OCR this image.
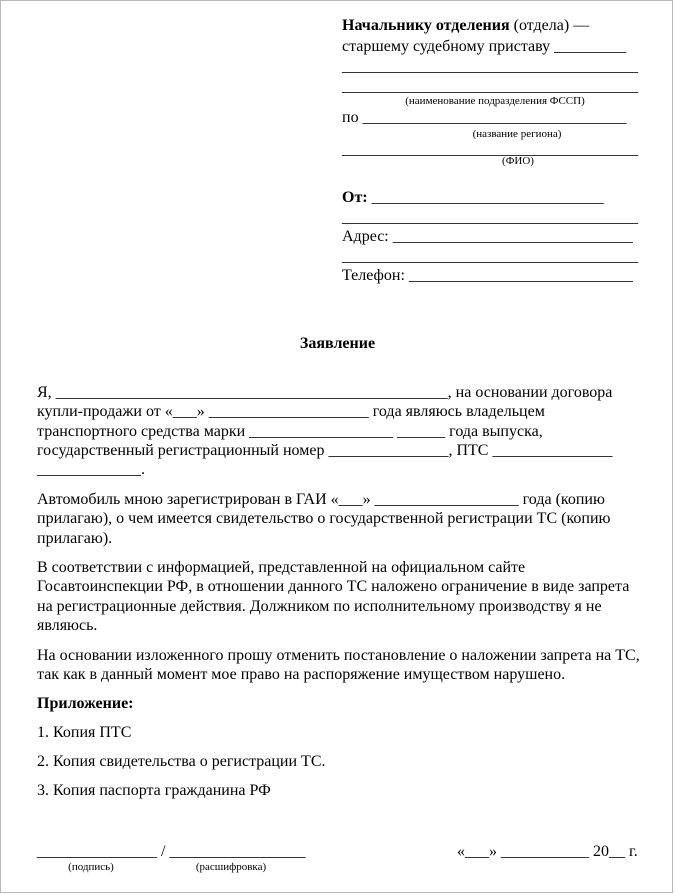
Начальнику отделения (отдела) —
старшему судебному приставу _________
_____________________________________
_____________________________________
(наименование подразделения ФССП)
по _________________________________
(название региона)
_____________________________________
(ФИО)
От: _____________________________
_____________________________________
Адрес: ______________________________
_____________________________________
Телефон: ____________________________
Заявление
Я, _________________________________________________, на основании договора купли-продажи от «___» ____________________ года являюсь владельцем транспортного средства марки __________________ ______ года выпуска, государственный регистрационный номер _______________, ПТС _______________ _____________.
Автомобиль мною зарегистрирован в ГАИ «___» __________________ года (копию прилагаю), о чем имеется свидетельство о государственной регистрации ТС (копию прилагаю).
В соответствии с информацией, представленной на официальном сайте Госавтоинспекции РФ, в отношении данного ТС наложено ограничение в виде запрета на регистрационные действия. Должником по исполнительному производству я не являюсь.
На основании изложенного прошу отменить постановление о наложении запрета на ТС, так как в данный момент мое право на распоряжение имуществом нарушено.
Приложение:
1. Копия ПТС
2. Копия свидетельства о регистрации ТС.
3. Копия паспорта гражданина РФ
_______________ / _________________
(подпись)	(расшифровка)
«___» ___________ 20__ г.
